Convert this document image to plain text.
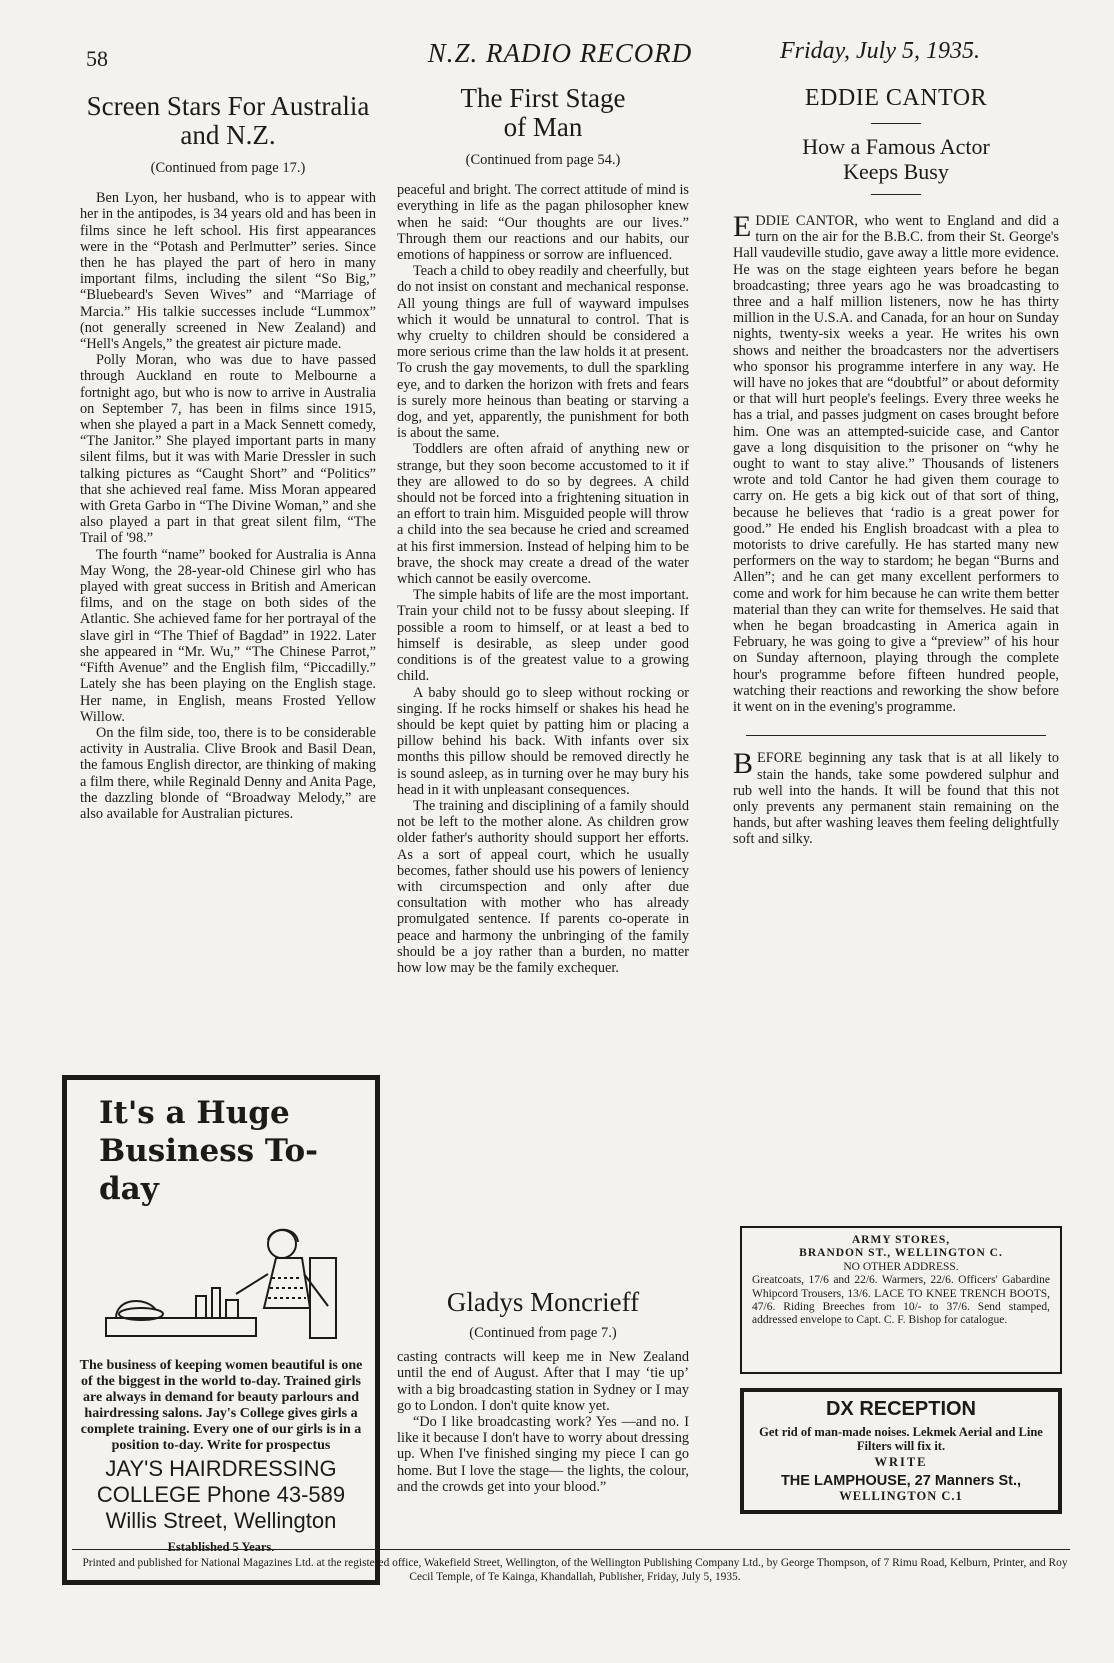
58	N.Z. RADIO RECORD	Friday, July 5, 1935.
Screen Stars For Australia and N.Z.
(Continued from page 17.)

Ben Lyon, her husband, who is to appear with her in the antipodes, is 34 years old and has been in films since he left school. His first appearances were in the “Potash and Perlmutter” series. Since then he has played the part of hero in many important films, including the silent “So Big,” “Bluebeard's Seven Wives” and “Marriage of Marcia.” His talkie successes include “Lummox” (not generally screened in New Zealand) and “Hell's Angels,” the greatest air picture made.

Polly Moran, who was due to have passed through Auckland en route to Melbourne a fortnight ago, but who is now to arrive in Australia on September 7, has been in films since 1915, when she played a part in a Mack Sennett comedy, “The Janitor.” She played important parts in many silent films, but it was with Marie Dressler in such talking pictures as “Caught Short” and “Politics” that she achieved real fame. Miss Moran appeared with Greta Garbo in “The Divine Woman,” and she also played a part in that great silent film, “The Trail of '98.”

The fourth “name” booked for Australia is Anna May Wong, the 28-year-old Chinese girl who has played with great success in British and American films, and on the stage on both sides of the Atlantic. She achieved fame for her portrayal of the slave girl in “The Thief of Bagdad” in 1922. Later she appeared in “Mr. Wu,” “The Chinese Parrot,” “Fifth Avenue” and the English film, “Piccadilly.” Lately she has been playing on the English stage. Her name, in English, means Frosted Yellow Willow.

On the film side, too, there is to be considerable activity in Australia. Clive Brook and Basil Dean, the famous English director, are thinking of making a film there, while Reginald Denny and Anita Page, the dazzling blonde of “Broadway Melody,” are also available for Australian pictures.

It's a Huge
Business To-day
The business of keeping women beautiful is one of the biggest in the world to-day. Trained girls are always in demand for beauty parlours and hairdressing salons. Jay's College gives girls a complete training. Every one of our girls is in a position to-day. Write for prospectus
JAY'S HAIRDRESSING
COLLEGE Phone 43-589
Willis Street, Wellington
Established 5 Years.
The First Stage
of Man
(Continued from page 54.)

peaceful and bright. The correct attitude of mind is everything in life as the pagan philosopher knew when he said: “Our thoughts are our lives.” Through them our reactions and our habits, our emotions of happiness or sorrow are influenced.

Teach a child to obey readily and cheerfully, but do not insist on constant and mechanical response. All young things are full of wayward impulses which it would be unnatural to control. That is why cruelty to children should be considered a more serious crime than the law holds it at present. To crush the gay movements, to dull the sparkling eye, and to darken the horizon with frets and fears is surely more heinous than beating or starving a dog, and yet, apparently, the punishment for both is about the same.

Toddlers are often afraid of anything new or strange, but they soon become accustomed to it if they are allowed to do so by degrees. A child should not be forced into a frightening situation in an effort to train him. Misguided people will throw a child into the sea because he cried and screamed at his first immersion. Instead of helping him to be brave, the shock may create a dread of the water which cannot be easily overcome.

The simple habits of life are the most important. Train your child not to be fussy about sleeping. If possible a room to himself, or at least a bed to himself is desirable, as sleep under good conditions is of the greatest value to a growing child.

A baby should go to sleep without rocking or singing. If he rocks himself or shakes his head he should be kept quiet by patting him or placing a pillow behind his back. With infants over six months this pillow should be removed directly he is sound asleep, as in turning over he may bury his head in it with unpleasant consequences.

The training and disciplining of a family should not be left to the mother alone. As children grow older father's authority should support her efforts. As a sort of appeal court, which he usually becomes, father should use his powers of leniency with circumspection and only after due consultation with mother who has already promulgated sentence. If parents co-operate in peace and harmony the unbringing of the family should be a joy rather than a burden, no matter how low may be the family exchequer.

Gladys Moncrieff
(Continued from page 7.)

casting contracts will keep me in New Zealand until the end of August. After that I may ‘tie up’ with a big broadcasting station in Sydney or I may go to London. I don't quite know yet.

“Do I like broadcasting work? Yes —and no. I like it because I don't have to worry about dressing up. When I've finished singing my piece I can go home. But I love the stage— the lights, the colour, and the crowds get into your blood.”

EDDIE CANTOR
How a Famous Actor
Keeps Busy
E DDIE CANTOR, who went to England and did a turn on the air for the B.B.C. from their St. George's Hall vaudeville studio, gave away a little more evidence. He was on the stage eighteen years before he began broadcasting; three years ago he was broadcasting to three and a half million listeners, now he has thirty million in the U.S.A. and Canada, for an hour on Sunday nights, twenty-six weeks a year. He writes his own shows and neither the broadcasters nor the advertisers who sponsor his programme interfere in any way. He will have no jokes that are “doubtful” or about deformity or that will hurt people's feelings. Every three weeks he has a trial, and passes judgment on cases brought before him. One was an attempted-suicide case, and Cantor gave a long disquisition to the prisoner on “why he ought to want to stay alive.” Thousands of listeners wrote and told Cantor he had given them courage to carry on. He gets a big kick out of that sort of thing, because he believes that ‘radio is a great power for good.” He ended his English broadcast with a plea to motorists to drive carefully. He has started many new performers on the way to stardom; he began “Burns and Allen”; and he can get many excellent performers to come and work for him because he can write them better material than they can write for themselves. He said that when he began broadcasting in America again in February, he was going to give a “preview” of his hour on Sunday afternoon, playing through the complete hour's programme before fifteen hundred people, watching their reactions and reworking the show before it went on in the evening's programme.
B EFORE beginning any task that is at all likely to stain the hands, take some powdered sulphur and rub well into the hands. It will be found that this not only prevents any permanent stain remaining on the hands, but after washing leaves them feeling delightfully soft and silky.
ARMY STORES,
BRANDON ST., WELLINGTON C.
NO OTHER ADDRESS.
Greatcoats, 17/6 and 22/6. Warmers, 22/6. Officers' Gabardine Whipcord Trousers, 13/6. LACE TO KNEE TRENCH BOOTS, 47/6. Riding Breeches from 10/- to 37/6. Send stamped, addressed envelope to Capt. C. F. Bishop for catalogue.
DX RECEPTION
Get rid of man-made noises. Lekmek Aerial and Line Filters will fix it.
WRITE
THE LAMPHOUSE, 27 Manners St.,
WELLINGTON C.1
Printed and published for National Magazines Ltd. at the registered office, Wakefield Street, Wellington, of the Wellington Publishing Company Ltd., by George Thompson, of 7 Rimu Road, Kelburn, Printer, and Roy Cecil Temple, of Te Kainga, Khandallah, Publisher, Friday, July 5, 1935.
